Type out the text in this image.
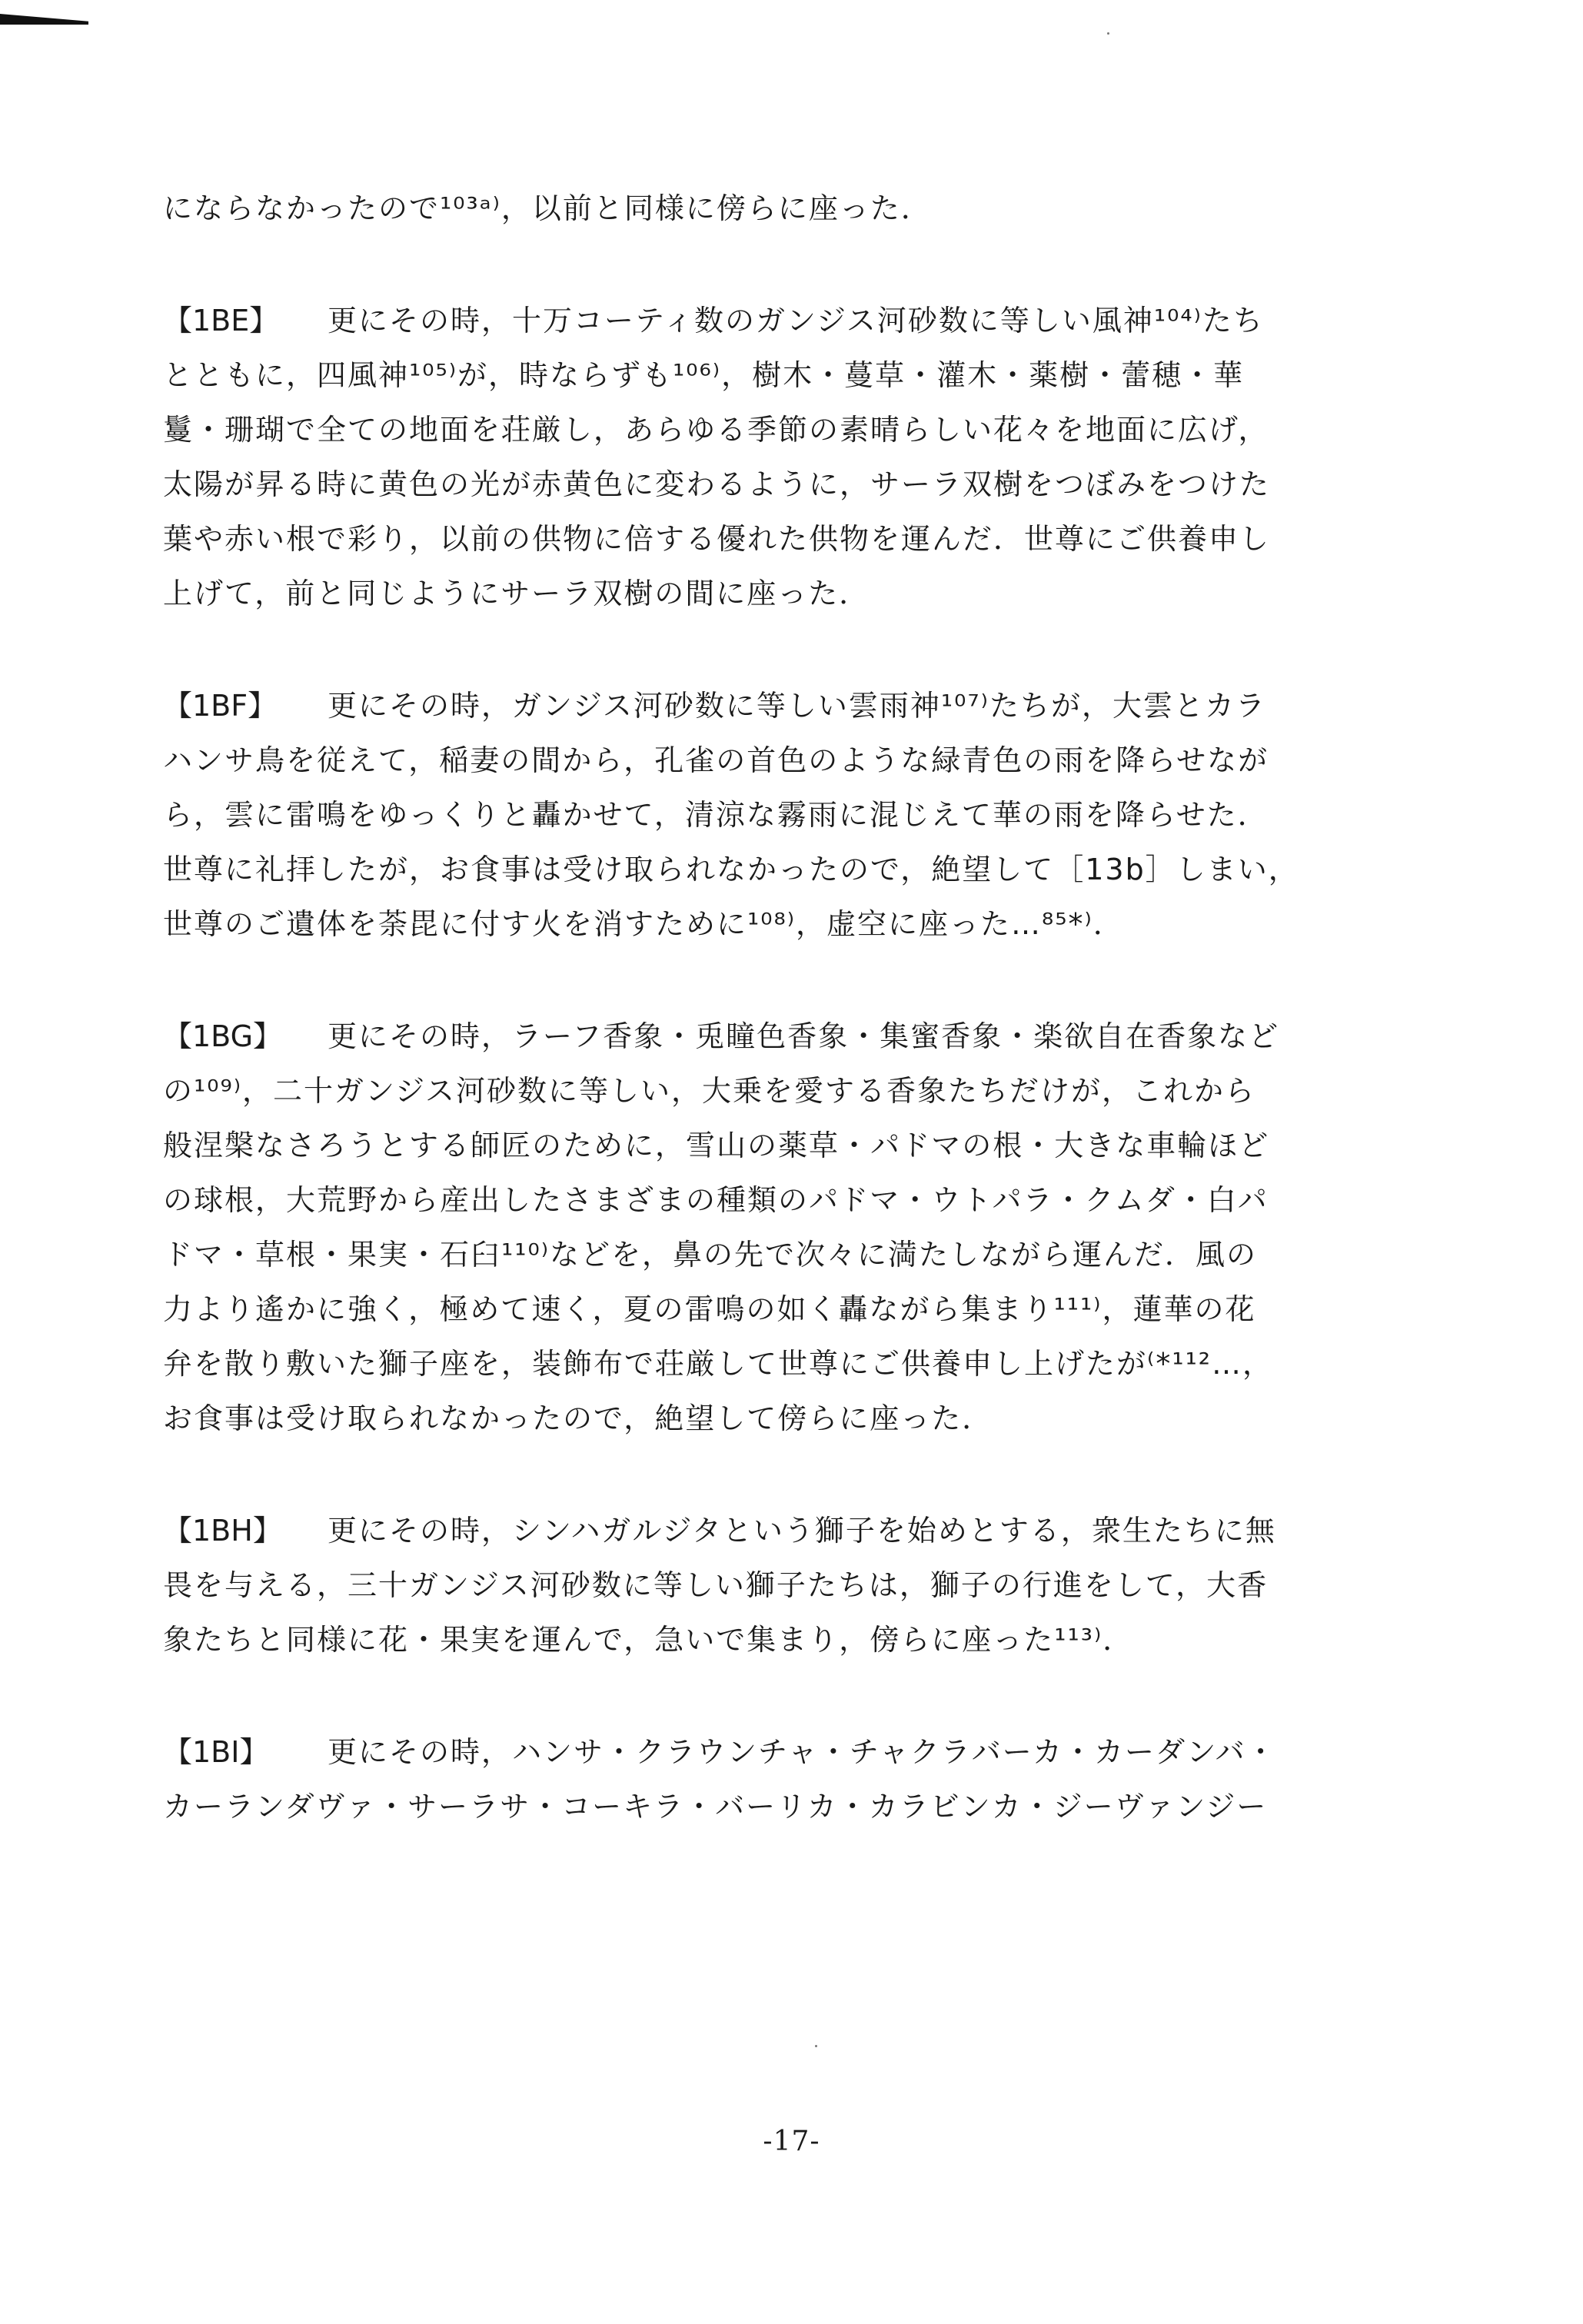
にならなかったので¹⁰³ᵃ⁾，以前と同様に傍らに座った．
【1BE】 更にその時，十万コーティ数のガンジス河砂数に等しい風神¹⁰⁴⁾たち
とともに，四風神¹⁰⁵⁾が，時ならずも¹⁰⁶⁾，樹木・蔓草・灌木・薬樹・蕾穂・華
鬘・珊瑚で全ての地面を荘厳し，あらゆる季節の素晴らしい花々を地面に広げ，
太陽が昇る時に黄色の光が赤黄色に変わるように，サーラ双樹をつぼみをつけた
葉や赤い根で彩り，以前の供物に倍する優れた供物を運んだ．世尊にご供養申し
上げて，前と同じようにサーラ双樹の間に座った．
【1BF】 更にその時，ガンジス河砂数に等しい雲雨神¹⁰⁷⁾たちが，大雲とカラ
ハンサ鳥を従えて，稲妻の間から，孔雀の首色のような緑青色の雨を降らせなが
ら，雲に雷鳴をゆっくりと轟かせて，清涼な霧雨に混じえて華の雨を降らせた．
世尊に礼拝したが，お食事は受け取られなかったので，絶望して［13b］しまい，
世尊のご遺体を荼毘に付す火を消すために¹⁰⁸⁾，虚空に座った…⁸⁵*⁾．
【1BG】 更にその時，ラーフ香象・兎瞳色香象・集蜜香象・楽欲自在香象など
の¹⁰⁹⁾，二十ガンジス河砂数に等しい，大乗を愛する香象たちだけが，これから
般涅槃なさろうとする師匠のために，雪山の薬草・パドマの根・大きな車輪ほど
の球根，大荒野から産出したさまざまの種類のパドマ・ウトパラ・クムダ・白パ
ドマ・草根・果実・石臼¹¹⁰⁾などを，鼻の先で次々に満たしながら運んだ．風の
力より遙かに強く，極めて速く，夏の雷鳴の如く轟ながら集まり¹¹¹⁾，蓮華の花
弁を散り敷いた獅子座を，装飾布で荘厳して世尊にご供養申し上げたが⁽*¹¹²…，
お食事は受け取られなかったので，絶望して傍らに座った．
【1BH】 更にその時，シンハガルジタという獅子を始めとする，衆生たちに無
畏を与える，三十ガンジス河砂数に等しい獅子たちは，獅子の行進をして，大香
象たちと同様に花・果実を運んで，急いで集まり，傍らに座った¹¹³⁾．
【1BI】 更にその時，ハンサ・クラウンチャ・チャクラバーカ・カーダンバ・
カーランダヴァ・サーラサ・コーキラ・バーリカ・カラビンカ・ジーヴァンジー
-17-
